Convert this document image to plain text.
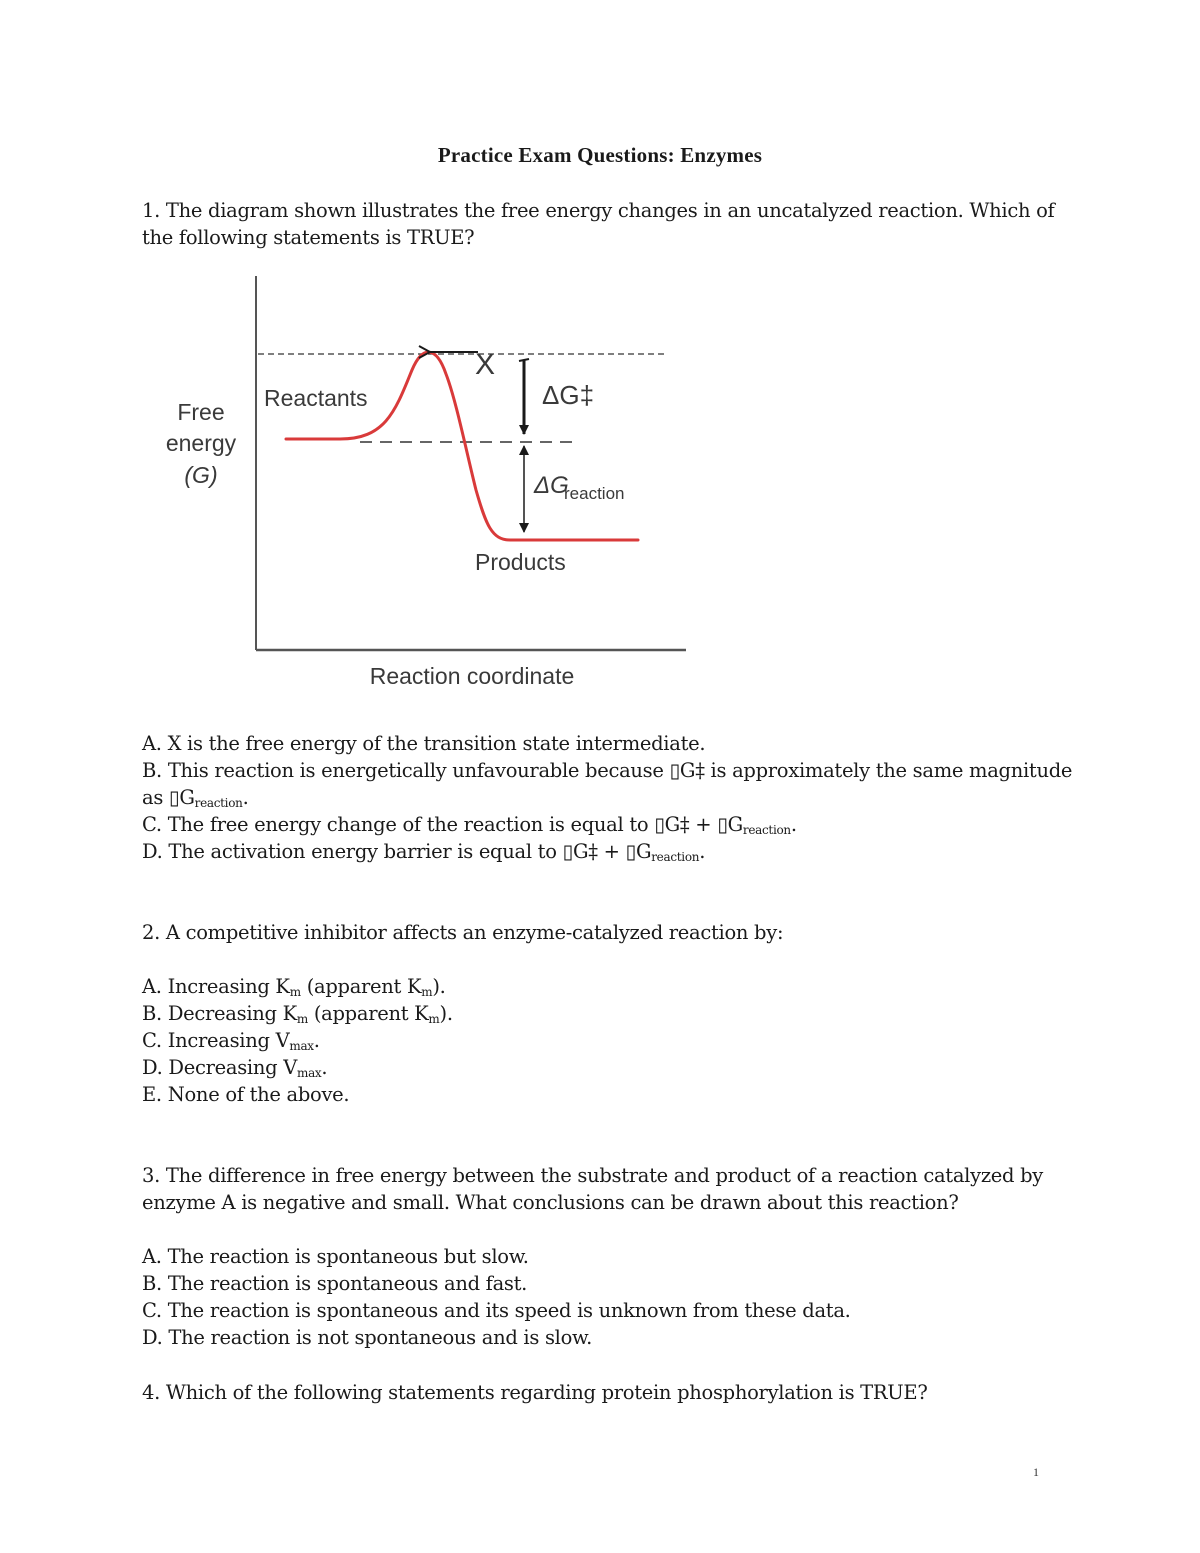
Practice Exam Questions: Enzymes
1. The diagram shown illustrates the free energy changes in an uncatalyzed reaction. Which of
the following statements is TRUE?
X
ΔG‡
ΔG
reaction
Reactants
Products
Free
energy
(G)
Reaction coordinate
A. X is the free energy of the transition state intermediate.
B. This reaction is energetically unfavourable because ▯G‡ is approximately the same magnitude
as $▯G_{reaction}$.
C. The free energy change of the reaction is equal to ▯G‡ + $▯G_{reaction}$.
D. The activation energy barrier is equal to ▯G‡ + $▯G_{reaction}$.
2. A competitive inhibitor affects an enzyme-catalyzed reaction by:
A. Increasing $K_m$ (apparent $K_m$).
B. Decreasing $K_m$ (apparent $K_m$).
C. Increasing $V_{max}$.
D. Decreasing $V_{max}$.
E. None of the above.
3. The difference in free energy between the substrate and product of a reaction catalyzed by
enzyme A is negative and small. What conclusions can be drawn about this reaction?
A. The reaction is spontaneous but slow.
B. The reaction is spontaneous and fast.
C. The reaction is spontaneous and its speed is unknown from these data.
D. The reaction is not spontaneous and is slow.
4. Which of the following statements regarding protein phosphorylation is TRUE?
1
